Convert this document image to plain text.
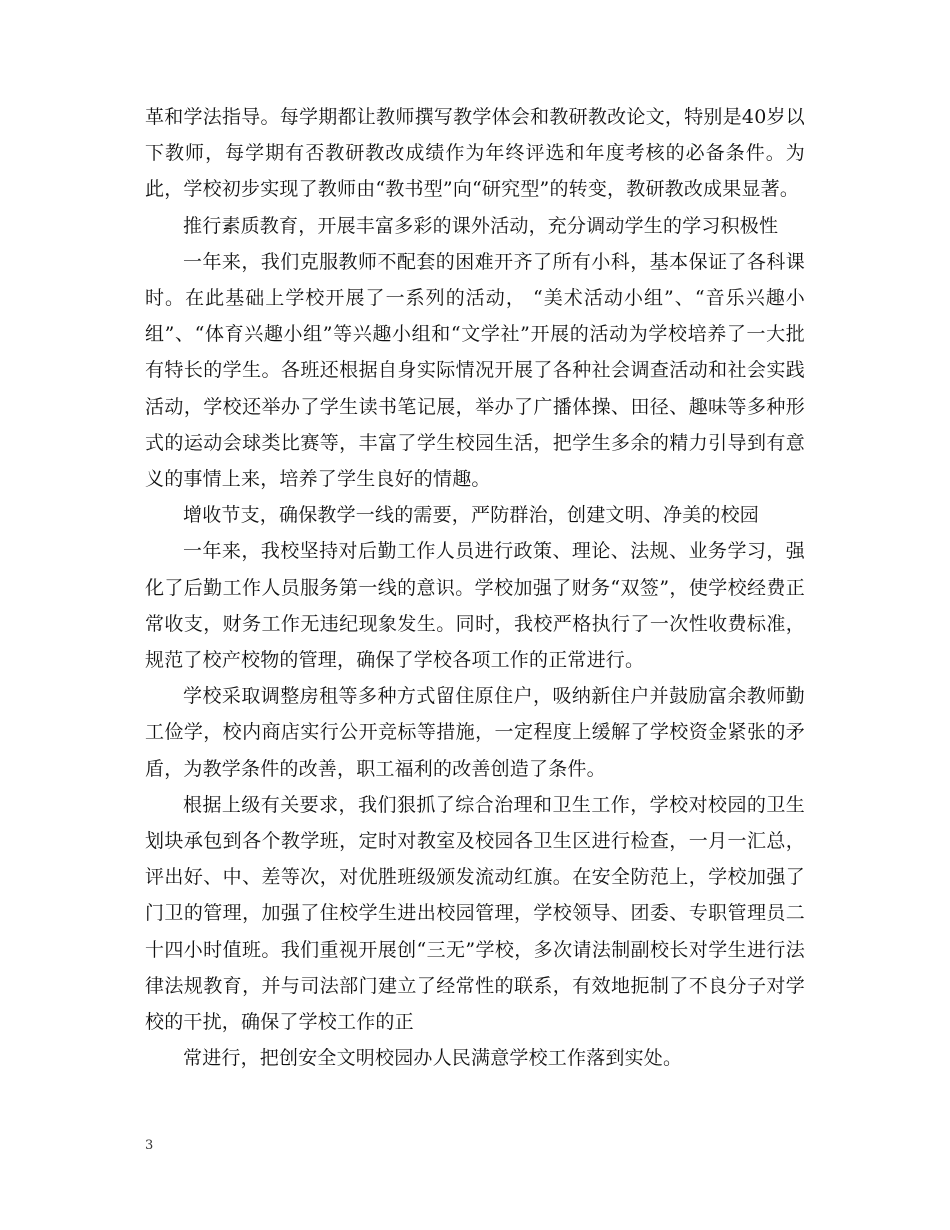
革和学法指导。每学期都让教师撰写教学体会和教研教改论文，特别是40岁以下教师，每学期有否教研教改成绩作为年终评选和年度考核的必备条件。为此，学校初步实现了教师由“教书型”向“研究型”的转变，教研教改成果显著。

推行素质教育，开展丰富多彩的课外活动，充分调动学生的学习积极性

一年来，我们克服教师不配套的困难开齐了所有小科，基本保证了各科课时。在此基础上学校开展了一系列的活动， “美术活动小组”、“音乐兴趣小组”、“体育兴趣小组”等兴趣小组和“文学社”开展的活动为学校培养了一大批有特长的学生。各班还根据自身实际情况开展了各种社会调查活动和社会实践活动，学校还举办了学生读书笔记展，举办了广播体操、田径、趣味等多种形式的运动会球类比赛等，丰富了学生校园生活，把学生多余的精力引导到有意义的事情上来，培养了学生良好的情趣。

增收节支，确保教学一线的需要，严防群治，创建文明、净美的校园

一年来，我校坚持对后勤工作人员进行政策、理论、法规、业务学习，强化了后勤工作人员服务第一线的意识。学校加强了财务“双签”，使学校经费正常收支，财务工作无违纪现象发生。同时，我校严格执行了一次性收费标准，规范了校产校物的管理，确保了学校各项工作的正常进行。

学校采取调整房租等多种方式留住原住户，吸纳新住户并鼓励富余教师勤工俭学，校内商店实行公开竞标等措施，一定程度上缓解了学校资金紧张的矛盾，为教学条件的改善，职工福利的改善创造了条件。

根据上级有关要求，我们狠抓了综合治理和卫生工作，学校对校园的卫生划块承包到各个教学班，定时对教室及校园各卫生区进行检查，一月一汇总，评出好、中、差等次，对优胜班级颁发流动红旗。在安全防范上，学校加强了门卫的管理，加强了住校学生进出校园管理，学校领导、团委、专职管理员二十四小时值班。我们重视开展创“三无”学校，多次请法制副校长对学生进行法律法规教育，并与司法部门建立了经常性的联系，有效地扼制了不良分子对学校的干扰，确保了学校工作的正

常进行，把创安全文明校园办人民满意学校工作落到实处。

3
